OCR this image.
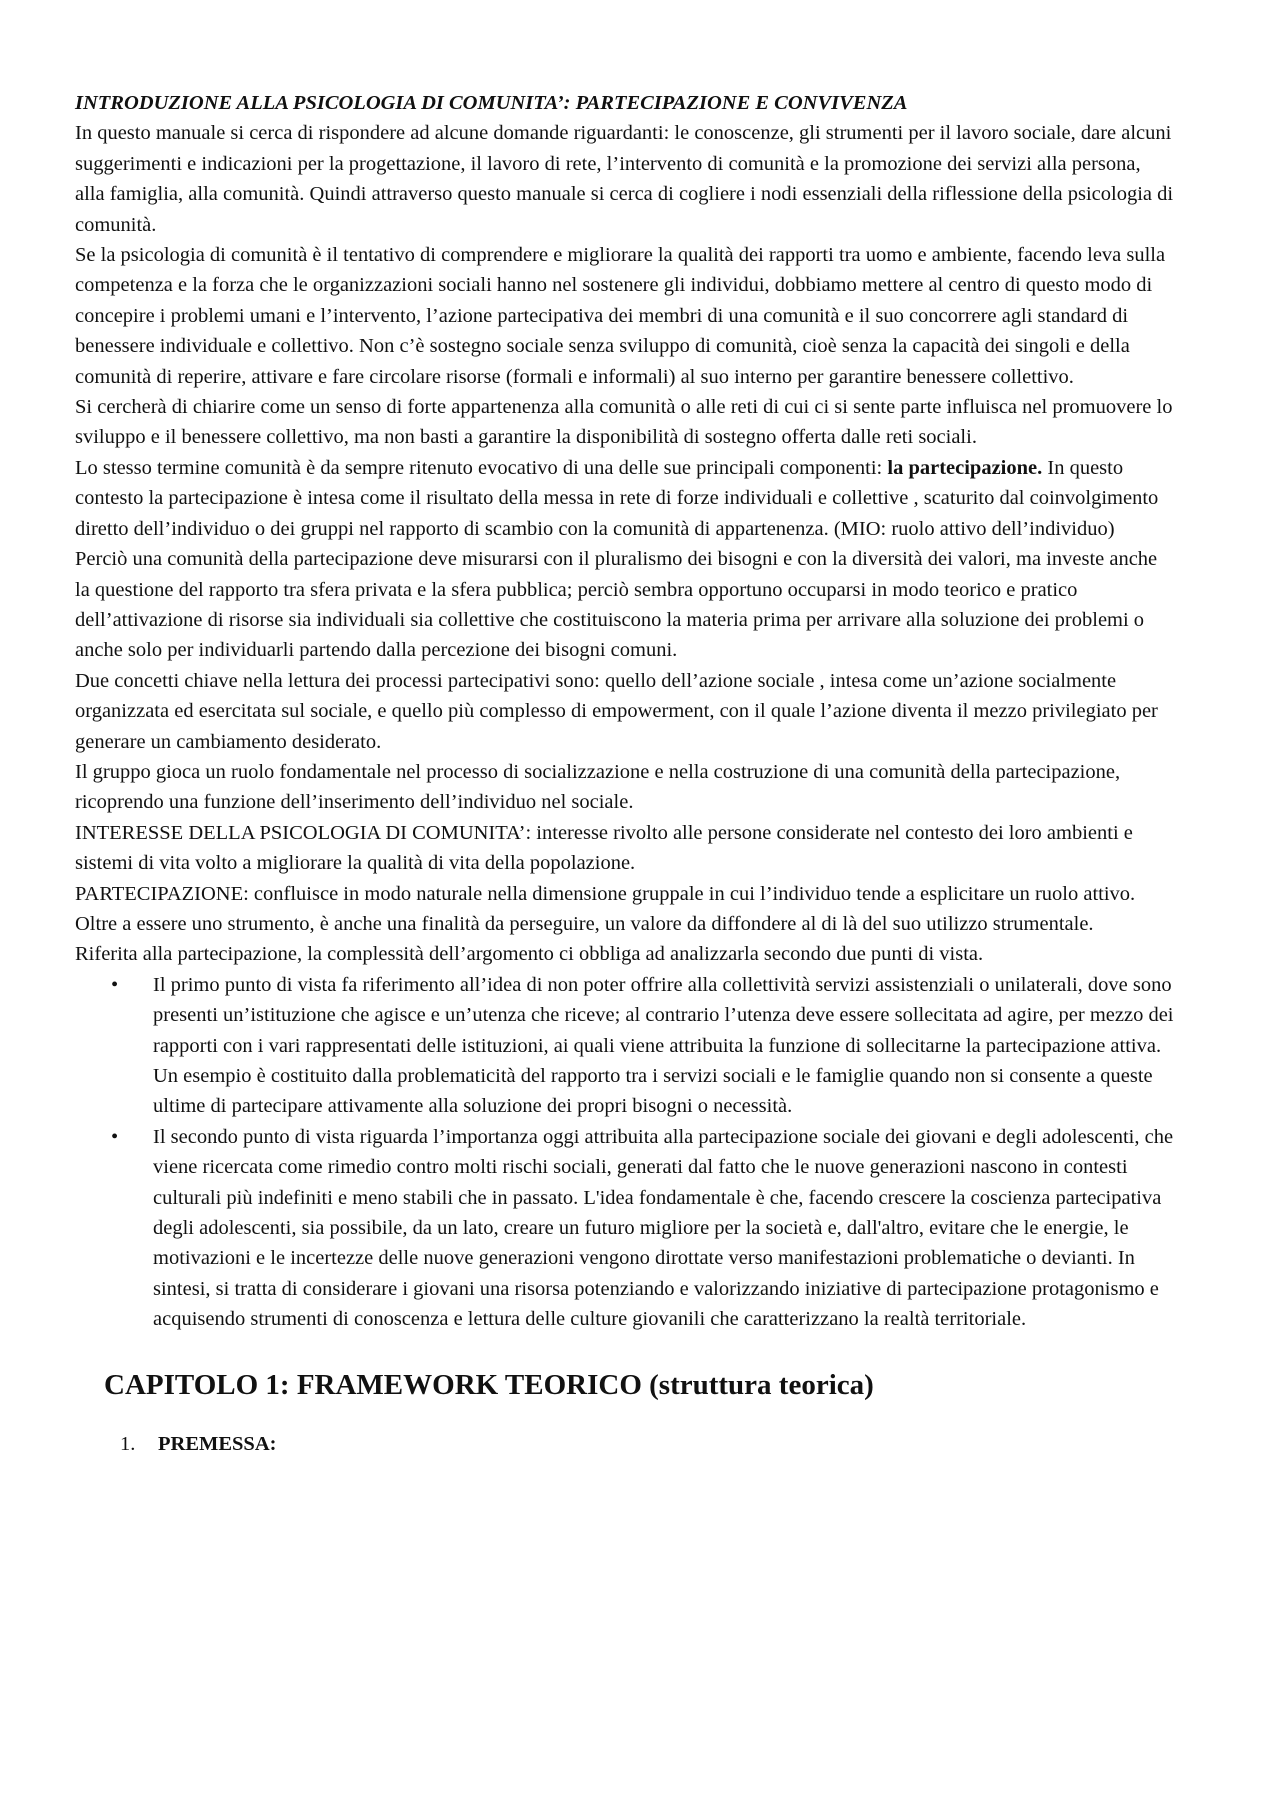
INTRODUZIONE ALLA PSICOLOGIA DI COMUNITA’: PARTECIPAZIONE E CONVIVENZA

In questo manuale si cerca di rispondere ad alcune domande riguardanti: le conoscenze, gli strumenti per il lavoro sociale, dare alcuni suggerimenti e indicazioni per la progettazione, il lavoro di rete, l’intervento di comunità e la promozione dei servizi alla persona, alla famiglia, alla comunità. Quindi attraverso questo manuale si cerca di cogliere i nodi essenziali della riflessione della psicologia di comunità.

Se la psicologia di comunità è il tentativo di comprendere e migliorare la qualità dei rapporti tra uomo e ambiente, facendo leva sulla competenza e la forza che le organizzazioni sociali hanno nel sostenere gli individui, dobbiamo mettere al centro di questo modo di concepire i problemi umani e l’intervento, l’azione partecipativa dei membri di una comunità e il suo concorrere agli standard di benessere individuale e collettivo. Non c’è sostegno sociale senza sviluppo di comunità, cioè senza la capacità dei singoli e della comunità di reperire, attivare e fare circolare risorse (formali e informali) al suo interno per garantire benessere collettivo.

Si cercherà di chiarire come un senso di forte appartenenza alla comunità o alle reti di cui ci si sente parte influisca nel promuovere lo sviluppo e il benessere collettivo, ma non basti a garantire la disponibilità di sostegno offerta dalle reti sociali.

Lo stesso termine comunità è da sempre ritenuto evocativo di una delle sue principali componenti: la partecipazione. In questo contesto la partecipazione è intesa come il risultato della messa in rete di forze individuali e collettive , scaturito dal coinvolgimento diretto dell’individuo o dei gruppi nel rapporto di scambio con la comunità di appartenenza. (MIO: ruolo attivo dell’individuo)

Perciò una comunità della partecipazione deve misurarsi con il pluralismo dei bisogni e con la diversità dei valori, ma investe anche la questione del rapporto tra sfera privata e la sfera pubblica; perciò sembra opportuno occuparsi in modo teorico e pratico dell’attivazione di risorse sia individuali sia collettive che costituiscono la materia prima per arrivare alla soluzione dei problemi o anche solo per individuarli partendo dalla percezione dei bisogni comuni.

Due concetti chiave nella lettura dei processi partecipativi sono: quello dell’azione sociale , intesa come un’azione socialmente organizzata ed esercitata sul sociale, e quello più complesso di empowerment, con il quale l’azione diventa il mezzo privilegiato per generare un cambiamento desiderato.

Il gruppo gioca un ruolo fondamentale nel processo di socializzazione e nella costruzione di una comunità della partecipazione, ricoprendo una funzione dell’inserimento dell’individuo nel sociale.

INTERESSE DELLA PSICOLOGIA DI COMUNITA’: interesse rivolto alle persone considerate nel contesto dei loro ambienti e sistemi di vita volto a migliorare la qualità di vita della popolazione.

PARTECIPAZIONE: confluisce in modo naturale nella dimensione gruppale in cui l’individuo tende a esplicitare un ruolo attivo. Oltre a essere uno strumento, è anche una finalità da perseguire, un valore da diffondere al di là del suo utilizzo strumentale.

Riferita alla partecipazione, la complessità dell’argomento ci obbliga ad analizzarla secondo due punti di vista.

• Il primo punto di vista fa riferimento all’idea di non poter offrire alla collettività servizi assistenziali o unilaterali, dove sono presenti un’istituzione che agisce e un’utenza che riceve; al contrario l’utenza deve essere sollecitata ad agire, per mezzo dei rapporti con i vari rappresentati delle istituzioni, ai quali viene attribuita la funzione di sollecitarne la partecipazione attiva. Un esempio è costituito dalla problematicità del rapporto tra i servizi sociali e le famiglie quando non si consente a queste ultime di partecipare attivamente alla soluzione dei propri bisogni o necessità.
• Il secondo punto di vista riguarda l’importanza oggi attribuita alla partecipazione sociale dei giovani e degli adolescenti, che viene ricercata come rimedio contro molti rischi sociali, generati dal fatto che le nuove generazioni nascono in contesti culturali più indefiniti e meno stabili che in passato. L'idea fondamentale è che, facendo crescere la coscienza partecipativa degli adolescenti, sia possibile, da un lato, creare un futuro migliore per la società e, dall'altro, evitare che le energie, le motivazioni e le incertezze delle nuove generazioni vengono dirottate verso manifestazioni problematiche o devianti. In sintesi, si tratta di considerare i giovani una risorsa potenziando e valorizzando iniziative di partecipazione protagonismo e acquisendo strumenti di conoscenza e lettura delle culture giovanili che caratterizzano la realtà territoriale.
CAPITOLO 1: FRAMEWORK TEORICO (struttura teorica)
1. PREMESSA:
